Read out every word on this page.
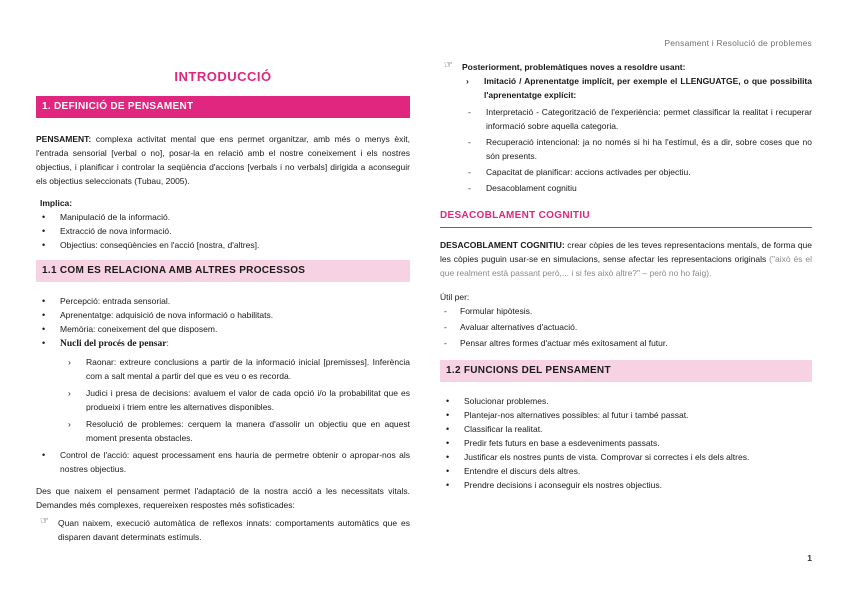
Pensament i Resolució de problemes
INTRODUCCIÓ
1. DEFINICIÓ DE PENSAMENT

PENSAMENT: complexa activitat mental que ens permet organitzar, amb més o menys èxit, l'entrada sensorial [verbal o no], posar-la en relació amb el nostre coneixement i els nostres objectius, i planificar i controlar la seqüència d'accions [verbals i no verbals] dirigida a aconseguir els objectius seleccionats (Tubau, 2005).

Implica:
• Manipulació de la informació.
• Extracció de nova informació.
• Objectius: conseqüències en l'acció [nostra, d'altres].
1.1 COM ES RELACIONA AMB ALTRES PROCESSOS
• Percepció: entrada sensorial.
• Aprenentatge: adquisició de nova informació o habilitats.
• Memòria: coneixement del que disposem.
• Nucli del procés de pensar:
› Raonar: extreure conclusions a partir de la informació inicial [premisses]. Inferència com a salt mental a partir del que es veu o es recorda.
› Judici i presa de decisions: avaluem el valor de cada opció i/o la probabilitat que es produeixi i triem entre les alternatives disponibles.
› Resolució de problemes: cerquem la manera d'assolir un objectiu que en aquest moment presenta obstacles.
• Control de l'acció: aquest processament ens hauria de permetre obtenir o apropar-nos als nostres objectius.

Des que naixem el pensament permet l'adaptació de la nostra acció a les necessitats vitals. Demandes més complexes, requereixen respostes més sofisticades:

☞ Quan naixem, execució automàtica de reflexos innats: comportaments automàtics que es disparen davant determinats estímuls.
☞ Posteriorment, problemàtiques noves a resoldre usant:
› Imitació / Aprenentatge implícit, per exemple el LLENGUATGE, o que possibilita l'aprenentatge explícit:
- Interpretació - Categorització de l'experiència: permet classificar la realitat i recuperar informació sobre aquella categoria.
- Recuperació intencional: ja no només si hi ha l'estímul, és a dir, sobre coses que no són presents.
- Capacitat de planificar: accions activades per objectiu.
- Desacoblament cognitiu
DESACOBLAMENT COGNITIU

DESACOBLAMENT COGNITIU: crear còpies de les teves representacions mentals, de forma que les còpies puguin usar-se en simulacions, sense afectar les representacions originals ("això és el que realment està passant però,... i si fes això altre?" – però no ho faig).

Útil per:
- Formular hipòtesis.
- Avaluar alternatives d'actuació.
- Pensar altres formes d'actuar més exitosament al futur.
1.2 FUNCIONS DEL PENSAMENT
• Solucionar problemes.
• Plantejar-nos alternatives possibles: al futur i també passat.
• Classificar la realitat.
• Predir fets futurs en base a esdeveniments passats.
• Justificar els nostres punts de vista. Comprovar si correctes i els dels altres.
• Entendre el discurs dels altres.
• Prendre decisions i aconseguir els nostres objectius.
1
